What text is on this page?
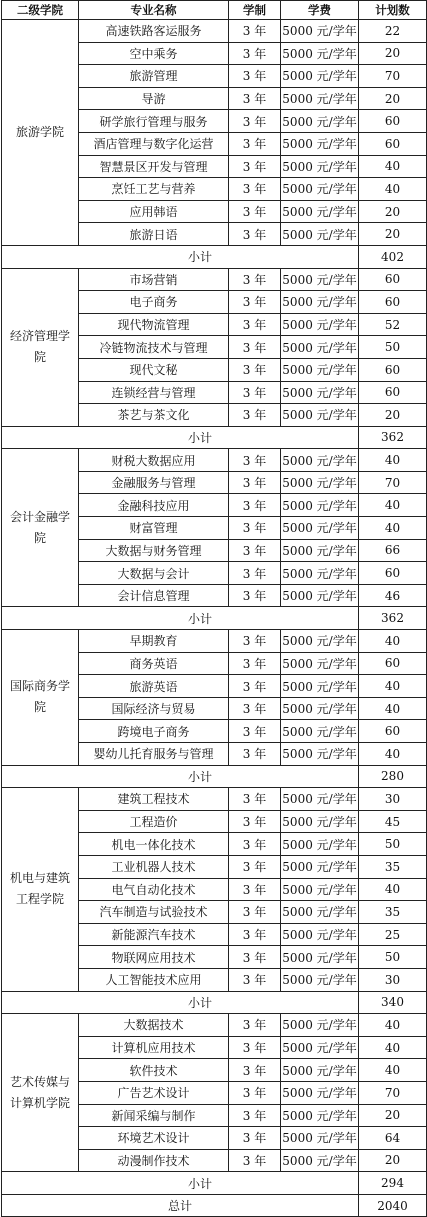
二级学院	专业名称	学制	学费	计划数
旅游学院	高速铁路客运服务	3 年	5000 元/学年	22
	空中乘务	3 年	5000 元/学年	20
	旅游管理	3 年	5000 元/学年	70
	导游	3 年	5000 元/学年	20
	研学旅行管理与服务	3 年	5000 元/学年	60
	酒店管理与数字化运营	3 年	5000 元/学年	60
	智慧景区开发与管理	3 年	5000 元/学年	40
	烹饪工艺与营养	3 年	5000 元/学年	40
	应用韩语	3 年	5000 元/学年	20
	旅游日语	3 年	5000 元/学年	20
小计				402
经济管理学院	市场营销	3 年	5000 元/学年	60
	电子商务	3 年	5000 元/学年	60
	现代物流管理	3 年	5000 元/学年	52
	冷链物流技术与管理	3 年	5000 元/学年	50
	现代文秘	3 年	5000 元/学年	60
	连锁经营与管理	3 年	5000 元/学年	60
	茶艺与茶文化	3 年	5000 元/学年	20
小计				362
会计金融学院	财税大数据应用	3 年	5000 元/学年	40
	金融服务与管理	3 年	5000 元/学年	70
	金融科技应用	3 年	5000 元/学年	40
	财富管理	3 年	5000 元/学年	40
	大数据与财务管理	3 年	5000 元/学年	66
	大数据与会计	3 年	5000 元/学年	60
	会计信息管理	3 年	5000 元/学年	46
小计				362
国际商务学院	早期教育	3 年	5000 元/学年	40
	商务英语	3 年	5000 元/学年	60
	旅游英语	3 年	5000 元/学年	40
	国际经济与贸易	3 年	5000 元/学年	40
	跨境电子商务	3 年	5000 元/学年	60
	婴幼儿托育服务与管理	3 年	5000 元/学年	40
小计				280
机电与建筑工程学院	建筑工程技术	3 年	5000 元/学年	30
	工程造价	3 年	5000 元/学年	45
	机电一体化技术	3 年	5000 元/学年	50
	工业机器人技术	3 年	5000 元/学年	35
	电气自动化技术	3 年	5000 元/学年	40
	汽车制造与试验技术	3 年	5000 元/学年	35
	新能源汽车技术	3 年	5000 元/学年	25
	物联网应用技术	3 年	5000 元/学年	50
	人工智能技术应用	3 年	5000 元/学年	30
小计				340
艺术传媒与计算机学院	大数据技术	3 年	5000 元/学年	40
	计算机应用技术	3 年	5000 元/学年	40
	软件技术	3 年	5000 元/学年	40
	广告艺术设计	3 年	5000 元/学年	70
	新闻采编与制作	3 年	5000 元/学年	20
	环境艺术设计	3 年	5000 元/学年	64
	动漫制作技术	3 年	5000 元/学年	20
小计				294
总计				2040
